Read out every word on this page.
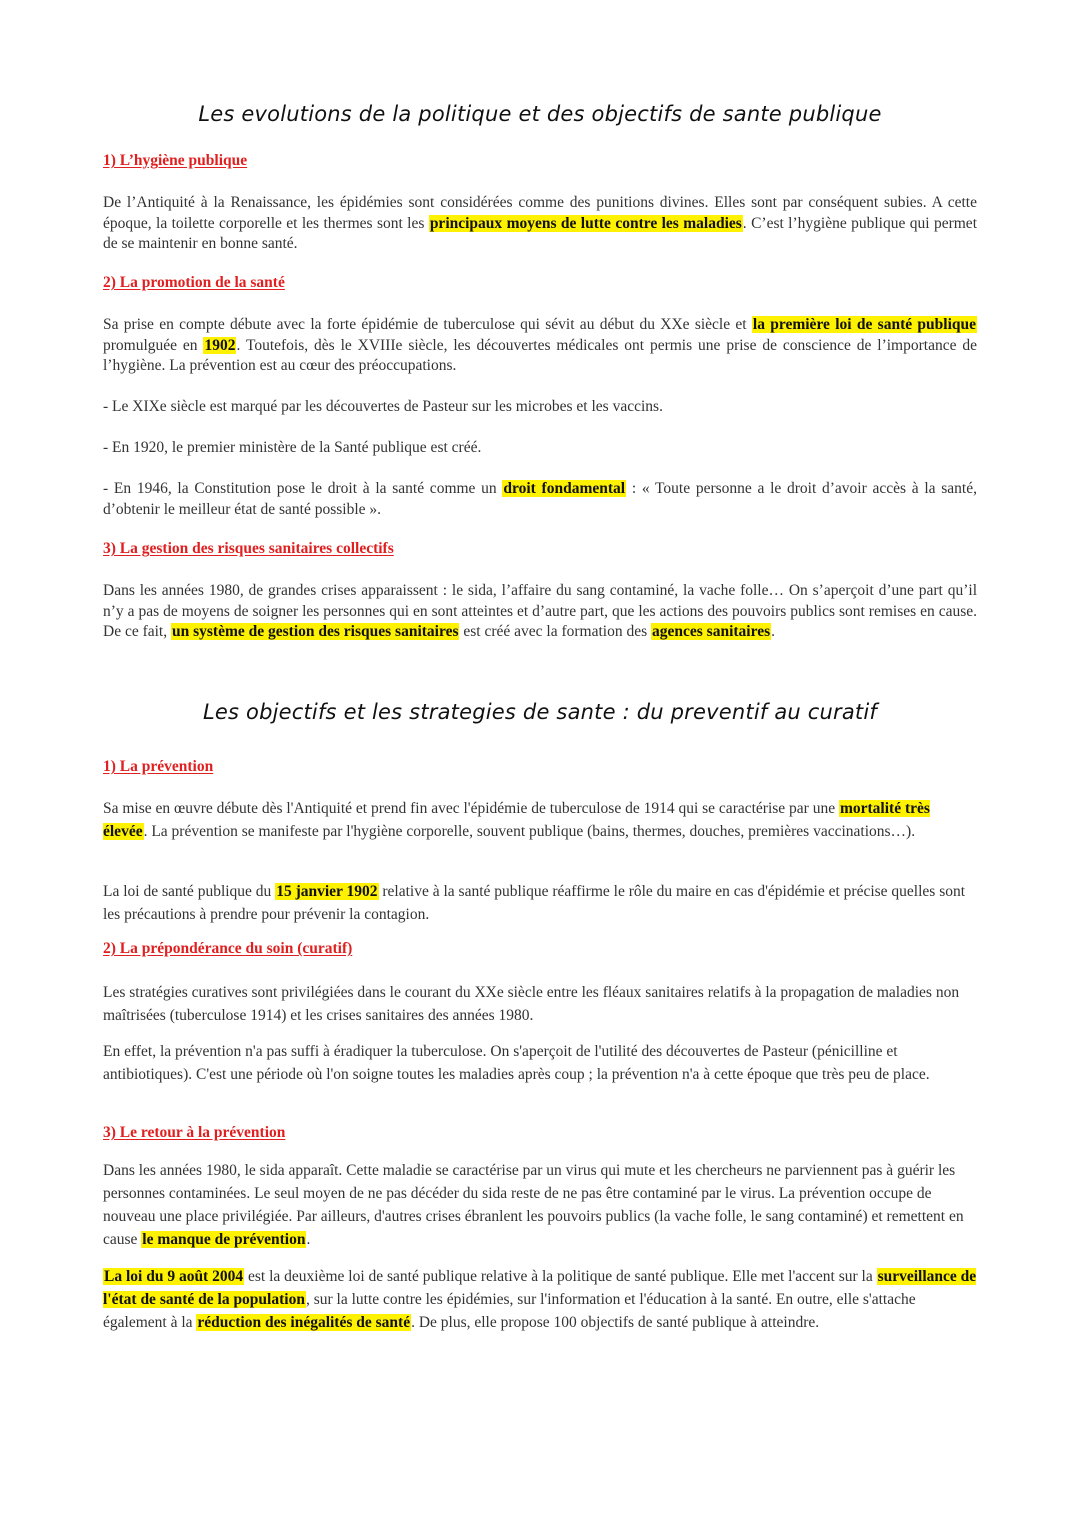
Les evolutions de la politique et des objectifs de sante publique
1) L’hygiène publique
De l’Antiquité à la Renaissance, les épidémies sont considérées comme des punitions divines. Elles sont par conséquent subies. A cette époque, la toilette corporelle et les thermes sont les principaux moyens de lutte contre les maladies. C’est l’hygiène publique qui permet de se maintenir en bonne santé.
2) La promotion de la santé
Sa prise en compte débute avec la forte épidémie de tuberculose qui sévit au début du XXe siècle et la première loi de santé publique promulguée en 1902. Toutefois, dès le XVIIIe siècle, les découvertes médicales ont permis une prise de conscience de l’importance de l’hygiène. La prévention est au cœur des préoccupations.
- Le XIXe siècle est marqué par les découvertes de Pasteur sur les microbes et les vaccins.
- En 1920, le premier ministère de la Santé publique est créé.
- En 1946, la Constitution pose le droit à la santé comme un droit fondamental : « Toute personne a le droit d’avoir accès à la santé, d’obtenir le meilleur état de santé possible ».
3) La gestion des risques sanitaires collectifs
Dans les années 1980, de grandes crises apparaissent : le sida, l’affaire du sang contaminé, la vache folle… On s’aperçoit d’une part qu’il n’y a pas de moyens de soigner les personnes qui en sont atteintes et d’autre part, que les actions des pouvoirs publics sont remises en cause. De ce fait, un système de gestion des risques sanitaires est créé avec la formation des agences sanitaires.
Les objectifs et les strategies de sante : du preventif au curatif
1) La prévention
Sa mise en œuvre débute dès l'Antiquité et prend fin avec l'épidémie de tuberculose de 1914 qui se caractérise par une mortalité très élevée. La prévention se manifeste par l'hygiène corporelle, souvent publique (bains, thermes, douches, premières vaccinations…).
La loi de santé publique du 15 janvier 1902 relative à la santé publique réaffirme le rôle du maire en cas d'épidémie et précise quelles sont les précautions à prendre pour prévenir la contagion.
2) La prépondérance du soin (curatif)
Les stratégies curatives sont privilégiées dans le courant du XXe siècle entre les fléaux sanitaires relatifs à la propagation de maladies non maîtrisées (tuberculose 1914) et les crises sanitaires des années 1980.
En effet, la prévention n'a pas suffi à éradiquer la tuberculose. On s'aperçoit de l'utilité des découvertes de Pasteur (pénicilline et antibiotiques). C'est une période où l'on soigne toutes les maladies après coup ; la prévention n'a à cette époque que très peu de place.
3) Le retour à la prévention
Dans les années 1980, le sida apparaît. Cette maladie se caractérise par un virus qui mute et les chercheurs ne parviennent pas à guérir les personnes contaminées. Le seul moyen de ne pas décéder du sida reste de ne pas être contaminé par le virus. La prévention occupe de nouveau une place privilégiée. Par ailleurs, d'autres crises ébranlent les pouvoirs publics (la vache folle, le sang contaminé) et remettent en cause le manque de prévention.
La loi du 9 août 2004 est la deuxième loi de santé publique relative à la politique de santé publique. Elle met l'accent sur la surveillance de l'état de santé de la population, sur la lutte contre les épidémies, sur l'information et l'éducation à la santé. En outre, elle s'attache également à la réduction des inégalités de santé. De plus, elle propose 100 objectifs de santé publique à atteindre.
